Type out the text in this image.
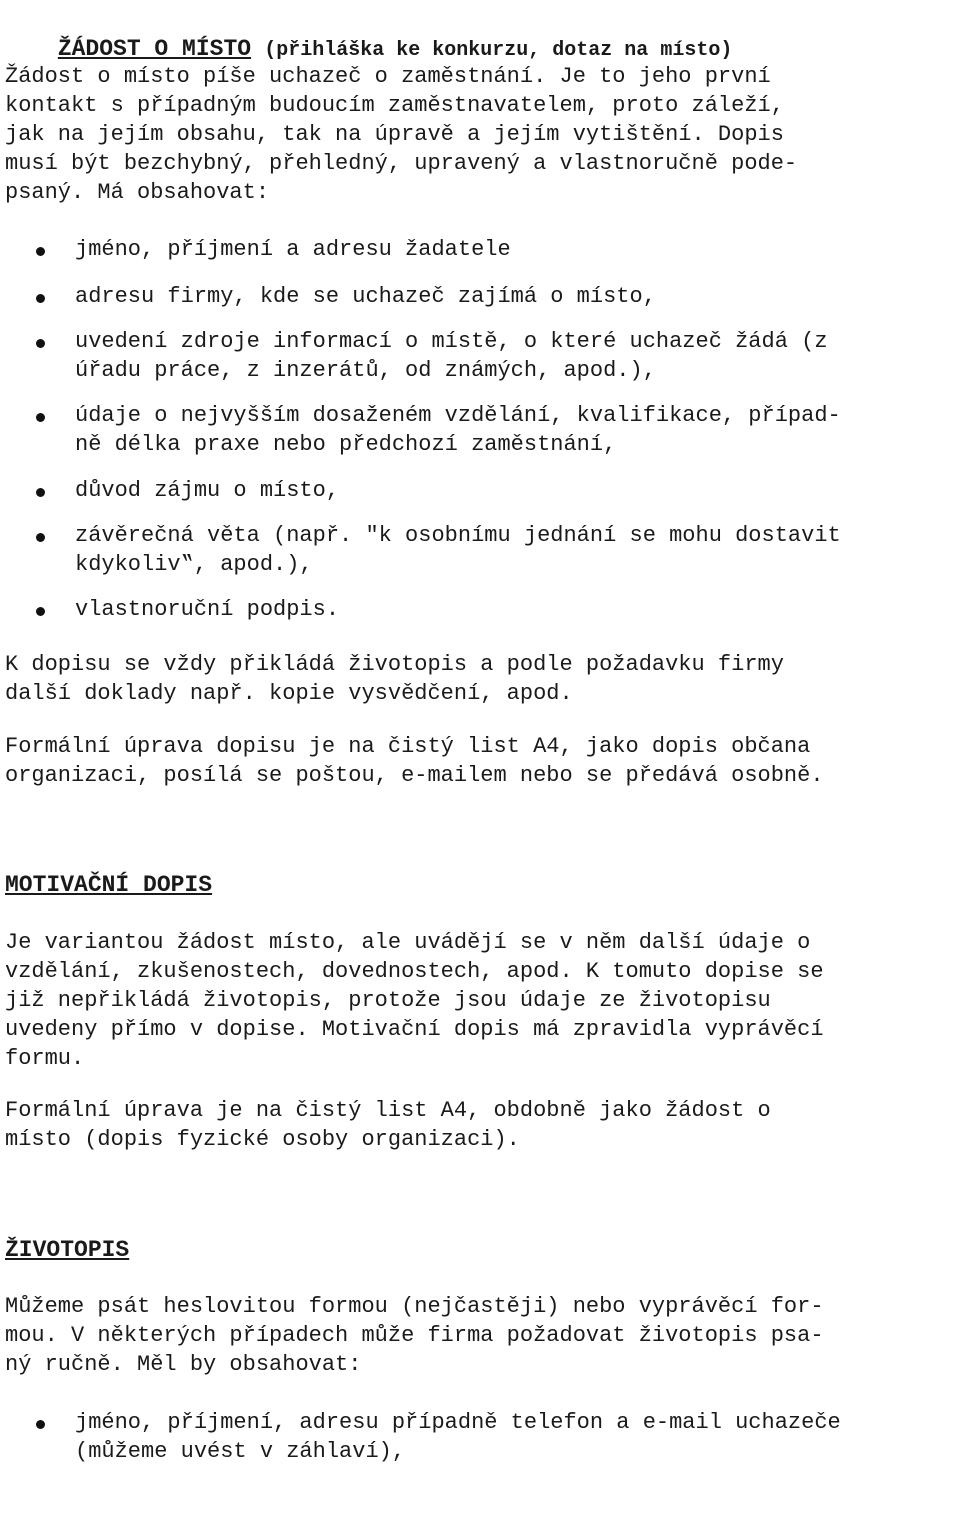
ŽÁDOST O MÍSTO (přihláška ke konkurzu, dotaz na místo)

Žádost o místo píše uchazeč o zaměstnání. Je to jeho první
kontakt s případným budoucím zaměstnavatelem, proto záleží,
jak na jejím obsahu, tak na úpravě a jejím vytištění. Dopis
musí být bezchybný, přehledný, upravený a vlastnoručně pode-
psaný. Má obsahovat:

jméno, příjmení a adresu žadatele

adresu firmy, kde se uchazeč zajímá o místo,

uvedení zdroje informací o místě, o které uchazeč žádá (z
úřadu práce, z inzerátů, od známých, apod.),

údaje o nejvyšším dosaženém vzdělání, kvalifikace, případ-
ně délka praxe nebo předchozí zaměstnání,

důvod zájmu o místo,

závěrečná věta (např. "k osobnímu jednání se mohu dostavit
kdykoliv‟, apod.),

vlastnoruční podpis.

K dopisu se vždy přikládá životopis a podle požadavku firmy
další doklady např. kopie vysvědčení, apod.

Formální úprava dopisu je na čistý list A4, jako dopis občana
organizaci, posílá se poštou, e-mailem nebo se předává osobně.

MOTIVAČNÍ DOPIS

Je variantou žádost místo, ale uvádějí se v něm další údaje o
vzdělání, zkušenostech, dovednostech, apod. K tomuto dopise se
již nepřikládá životopis, protože jsou údaje ze životopisu
uvedeny přímo v dopise. Motivační dopis má zpravidla vyprávěcí
formu.

Formální úprava je na čistý list A4, obdobně jako žádost o
místo (dopis fyzické osoby organizaci).

ŽIVOTOPIS

Můžeme psát heslovitou formou (nejčastěji) nebo vyprávěcí for-
mou. V některých případech může firma požadovat životopis psa-
ný ručně. Měl by obsahovat:

jméno, příjmení, adresu případně telefon a e-mail uchazeče
(můžeme uvést v záhlaví),
